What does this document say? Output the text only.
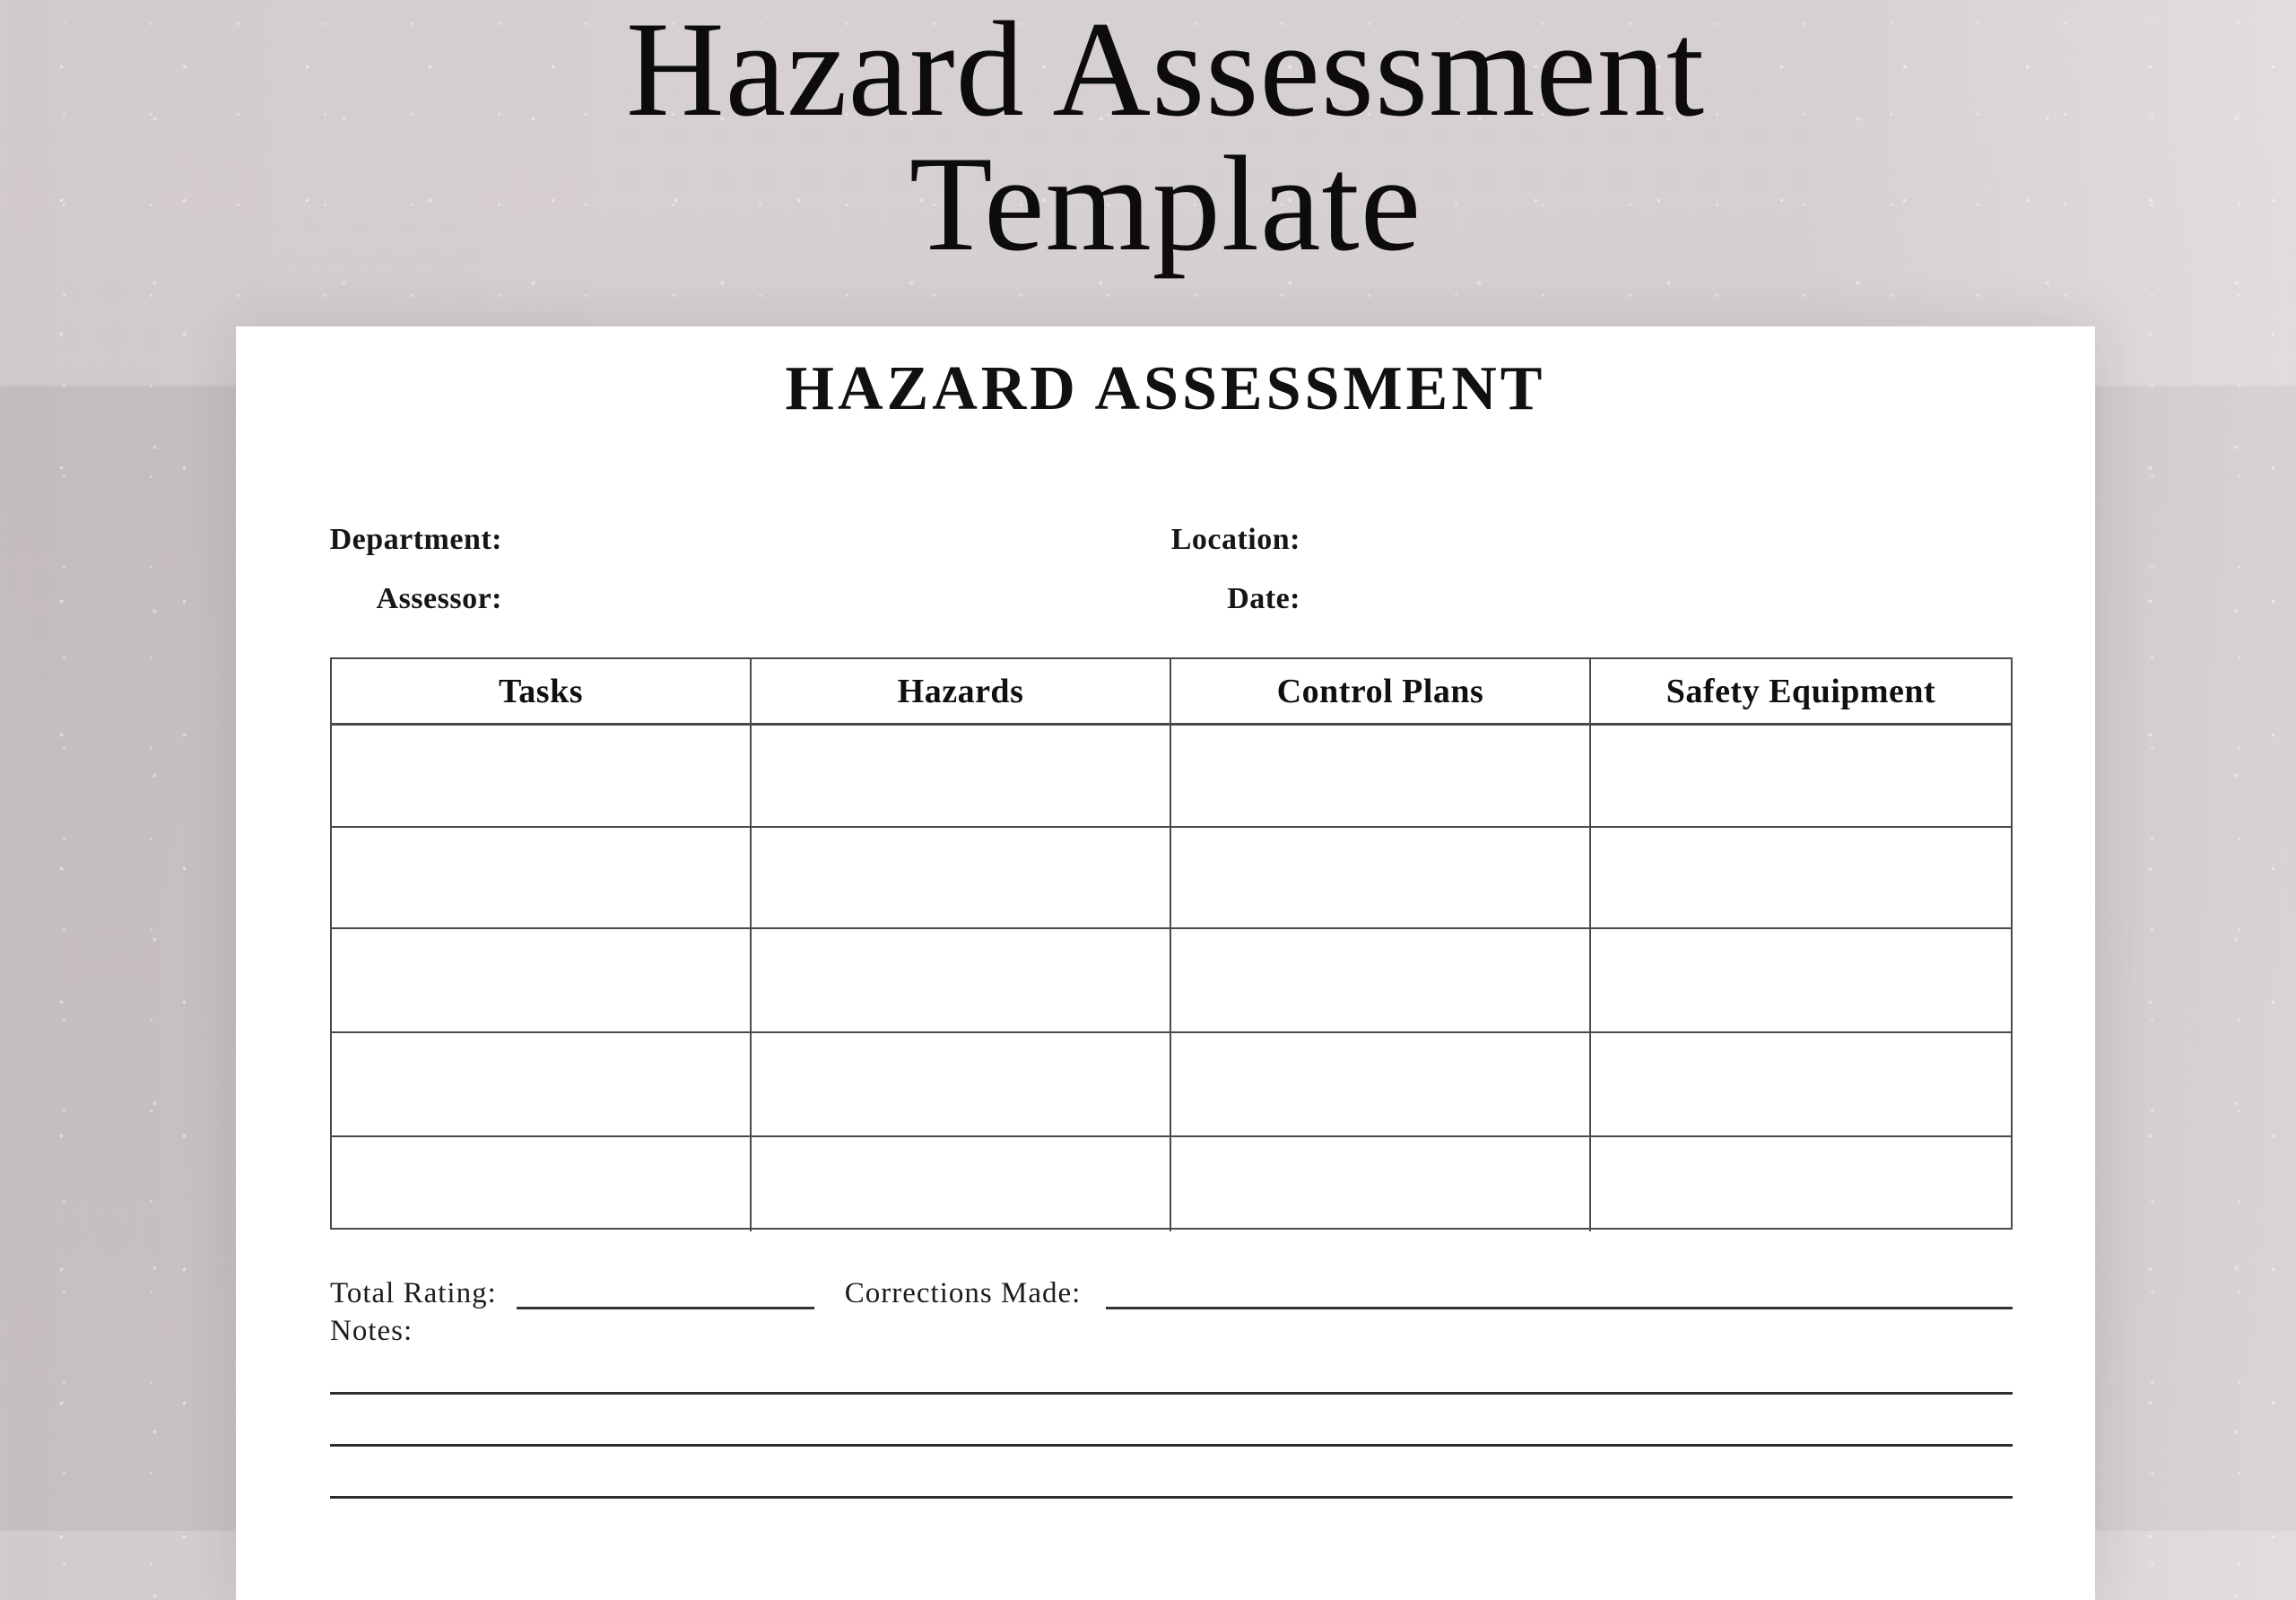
Hazard Assessment Template
HAZARD ASSESSMENT
Department:	Location:
Assessor:	Date:
Tasks	Hazards	Control Plans	Safety Equipment
Total Rating:	Corrections Made:
Notes:
